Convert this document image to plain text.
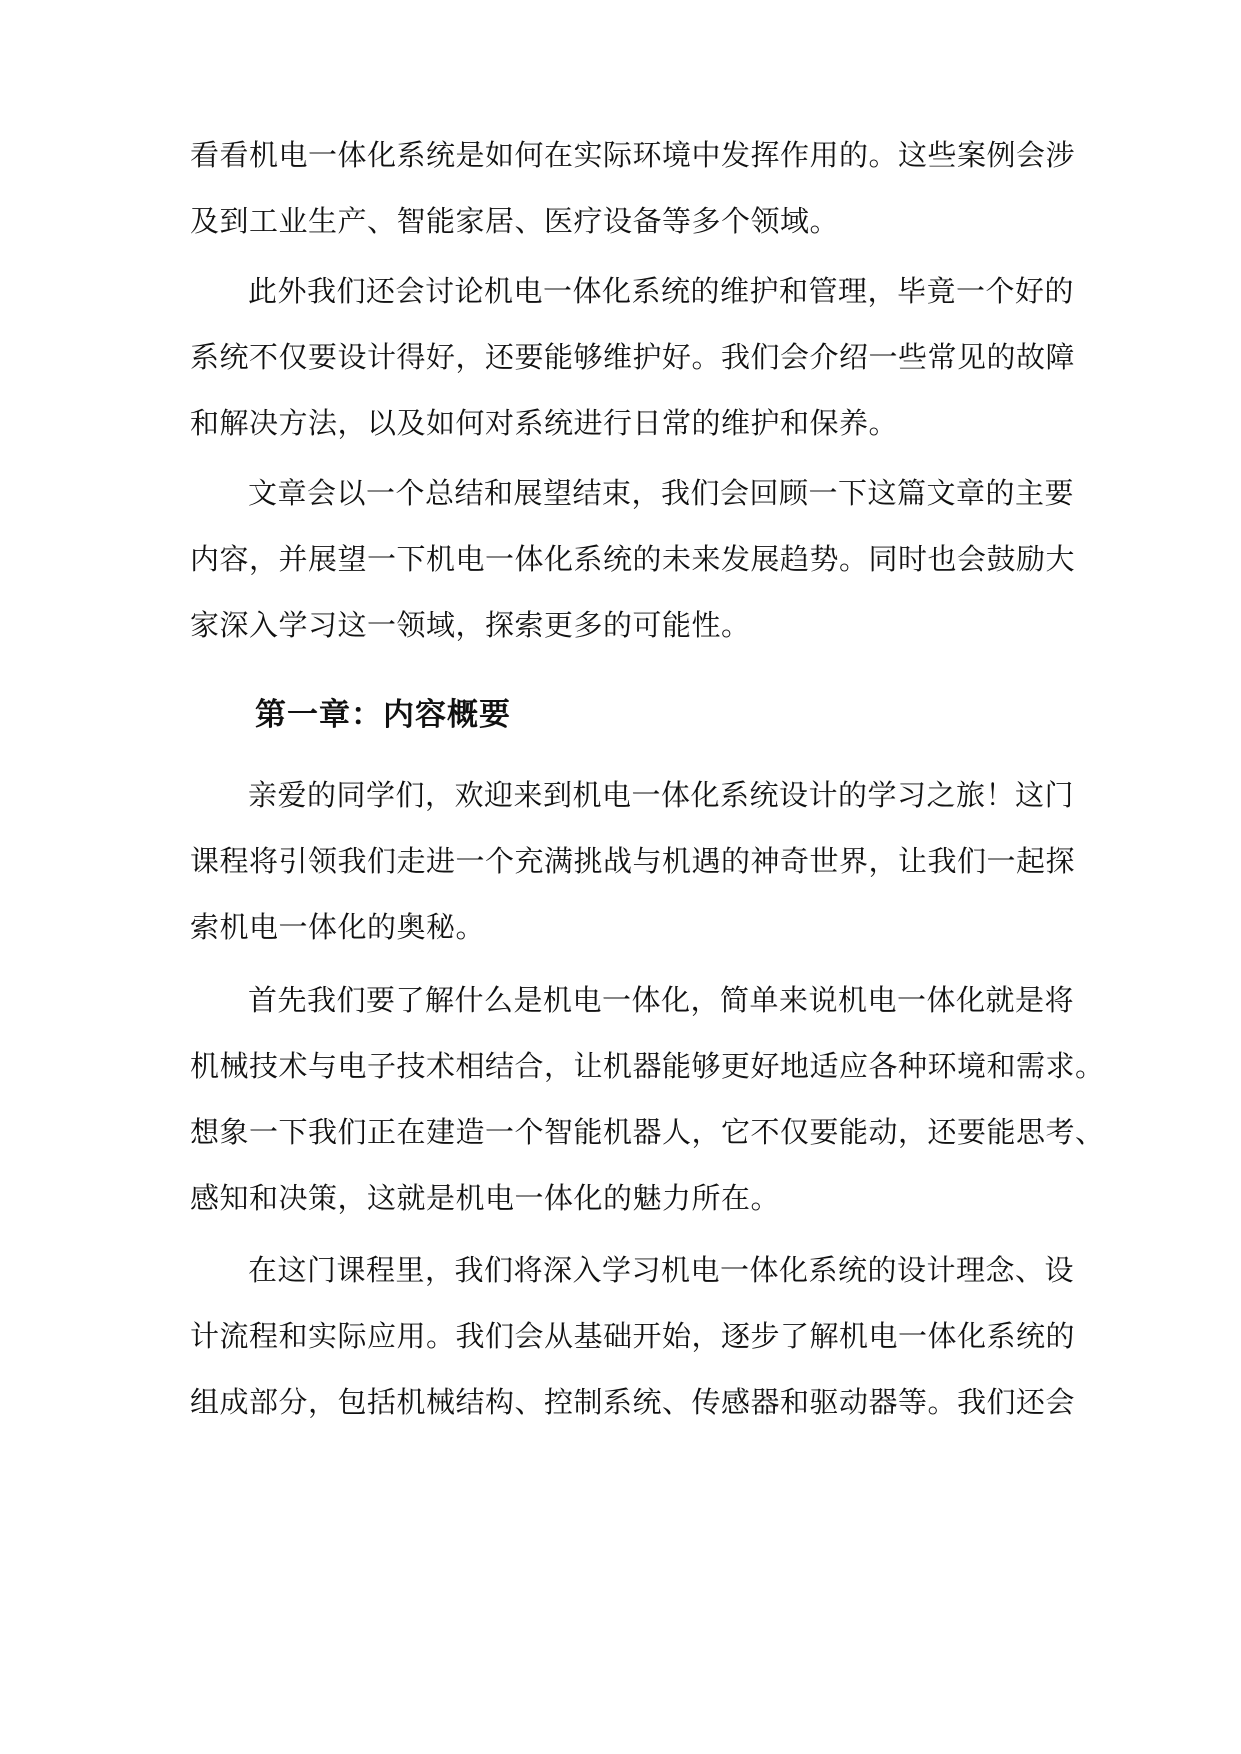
看看机电一体化系统是如何在实际环境中发挥作用的。这些案例会涉
及到工业生产、智能家居、医疗设备等多个领域。
此外我们还会讨论机电一体化系统的维护和管理，毕竟一个好的
系统不仅要设计得好，还要能够维护好。我们会介绍一些常见的故障
和解决方法，以及如何对系统进行日常的维护和保养。
文章会以一个总结和展望结束，我们会回顾一下这篇文章的主要
内容，并展望一下机电一体化系统的未来发展趋势。同时也会鼓励大
家深入学习这一领域，探索更多的可能性。
第一章：内容概要
亲爱的同学们，欢迎来到机电一体化系统设计的学习之旅！这门
课程将引领我们走进一个充满挑战与机遇的神奇世界，让我们一起探
索机电一体化的奥秘。
首先我们要了解什么是机电一体化，简单来说机电一体化就是将
机械技术与电子技术相结合，让机器能够更好地适应各种环境和需求。
想象一下我们正在建造一个智能机器人，它不仅要能动，还要能思考、
感知和决策，这就是机电一体化的魅力所在。
在这门课程里，我们将深入学习机电一体化系统的设计理念、设
计流程和实际应用。我们会从基础开始，逐步了解机电一体化系统的
组成部分，包括机械结构、控制系统、传感器和驱动器等。我们还会
